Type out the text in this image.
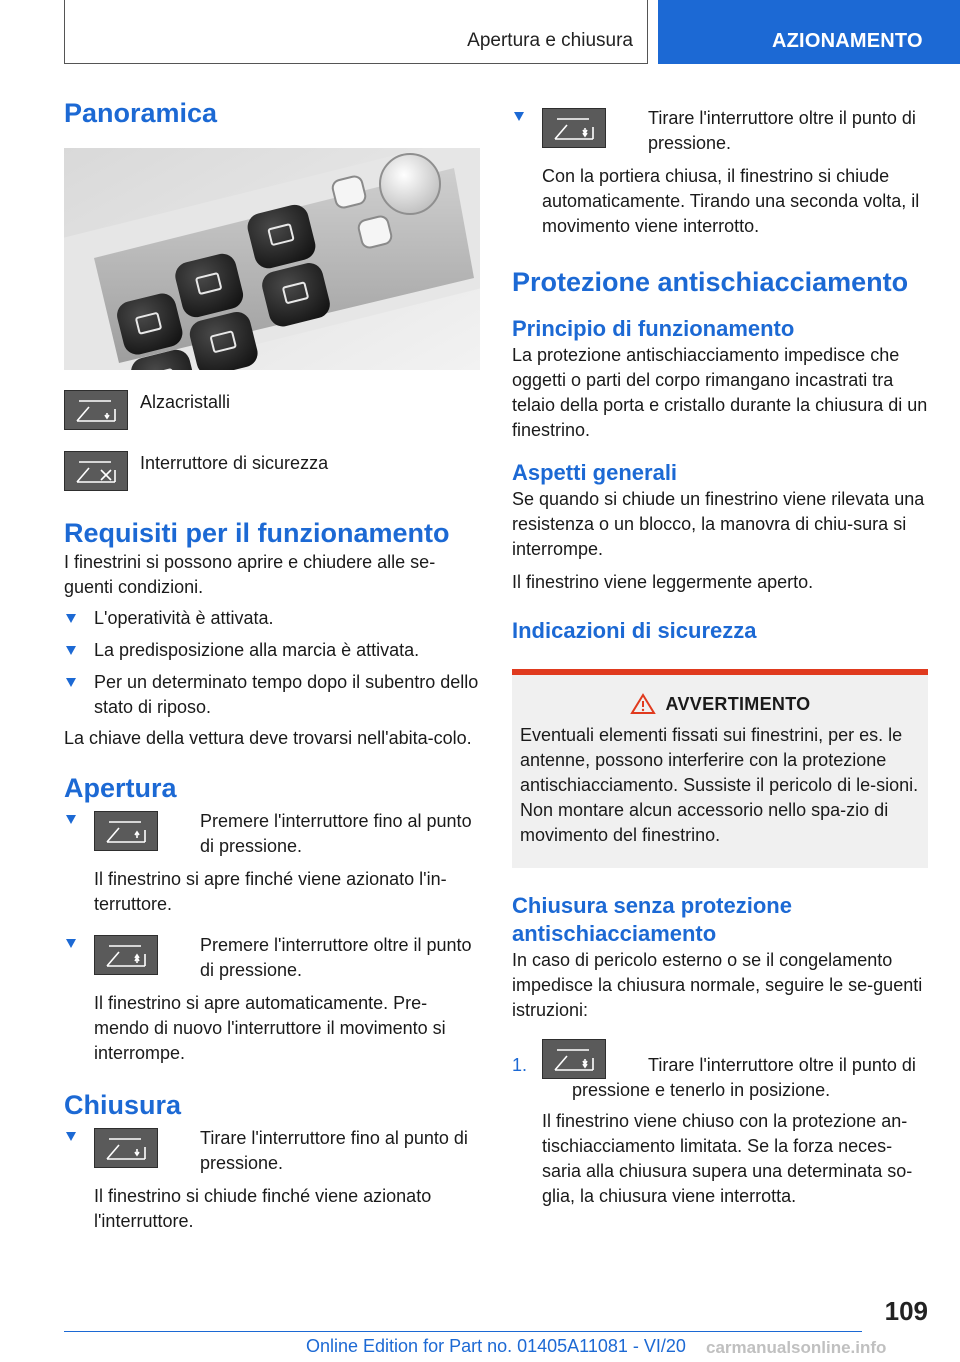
Apertura e chiusura	AZIONAMENTO
Panoramica
Alzacristalli
Interruttore di sicurezza
Requisiti per il funzionamento

I finestrini si possono aprire e chiudere alle se-guenti condizioni.

L'operatività è attivata.
La predisposizione alla marcia è attivata.
Per un determinato tempo dopo il subentro dello stato di riposo.

La chiave della vettura deve trovarsi nell'abita-colo.

Apertura
Premere l'interruttore fino al punto di pressione.

Il finestrino si apre finché viene azionato l'in-terruttore.

Premere l'interruttore oltre il punto di pressione.

Il finestrino si apre automaticamente. Pre-mendo di nuovo l'interruttore il movimento si interrompe.

Chiusura
Tirare l'interruttore fino al punto di pressione.

Il finestrino si chiude finché viene azionato l'interruttore.

Tirare l'interruttore oltre il punto di pressione.

Con la portiera chiusa, il finestrino si chiude automaticamente. Tirando una seconda volta, il movimento viene interrotto.

Protezione antischiacciamento
Principio di funzionamento

La protezione antischiacciamento impedisce che oggetti o parti del corpo rimangano incastrati tra telaio della porta e cristallo durante la chiusura di un finestrino.

Aspetti generali

Se quando si chiude un finestrino viene rilevata una resistenza o un blocco, la manovra di chiu-sura si interrompe.

Il finestrino viene leggermente aperto.

Indicazioni di sicurezza
AVVERTIMENTO

Eventuali elementi fissati sui finestrini, per es. le antenne, possono interferire con la protezione antischiacciamento. Sussiste il pericolo di le-sioni. Non montare alcun accessorio nello spa-zio di movimento del finestrino.

Chiusura senza protezione antischiacciamento

In caso di pericolo esterno o se il congelamento impedisce la chiusura normale, seguire le se-guenti istruzioni:

1.	Tirare l'interruttore oltre il punto di pressione e tenerlo in posizione.

Il finestrino viene chiuso con la protezione an-tischiacciamento limitata. Se la forza neces-saria alla chiusura supera una determinata so-glia, la chiusura viene interrotta.

109
Online Edition for Part no. 01405A11081 - VI/20 carmanualsonline.info
